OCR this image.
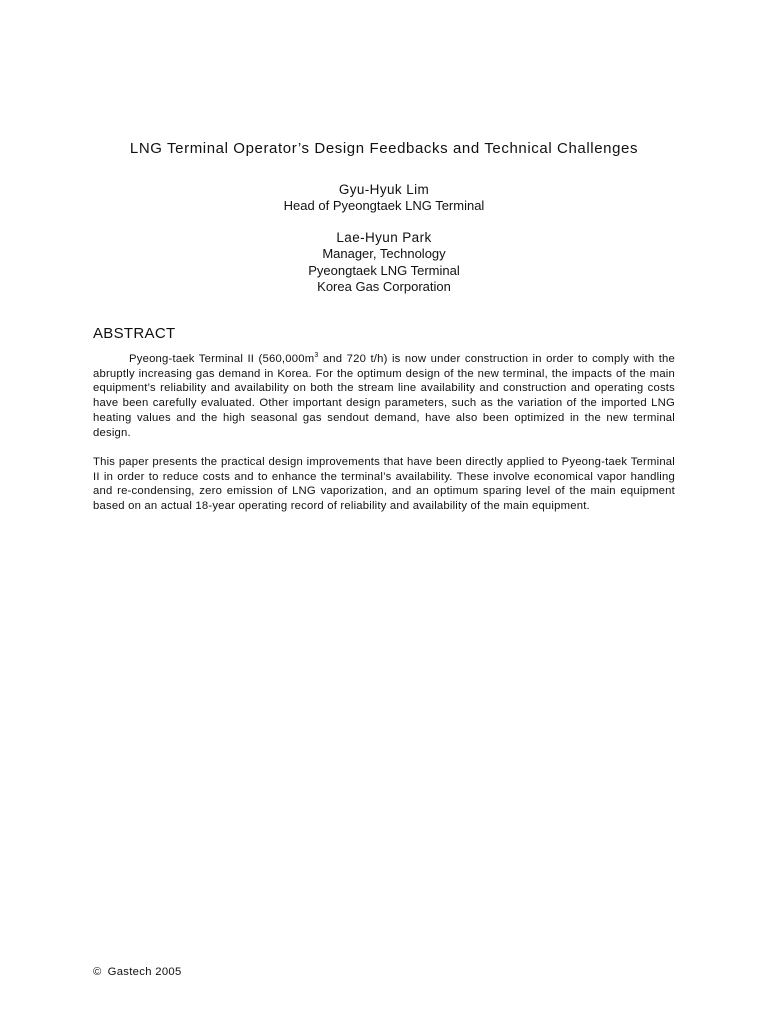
LNG Terminal Operator’s Design Feedbacks and Technical Challenges
Gyu-Hyuk Lim
Head of Pyeongtaek LNG Terminal
Lae-Hyun Park
Manager, Technology
Pyeongtaek LNG Terminal
Korea Gas Corporation
ABSTRACT
Pyeong-taek Terminal II ($560,000m^3$ and 720 t/h) is now under construction in order to comply with the abruptly increasing gas demand in Korea. For the optimum design of the new terminal, the impacts of the main equipment’s reliability and availability on both the stream line availability and construction and operating costs have been carefully evaluated. Other important design parameters, such as the variation of the imported LNG heating values and the high seasonal gas sendout demand, have also been optimized in the new terminal design.
This paper presents the practical design improvements that have been directly applied to Pyeong-taek Terminal II in order to reduce costs and to enhance the terminal’s availability. These involve economical vapor handling and re-condensing, zero emission of LNG vaporization, and an optimum sparing level of the main equipment based on an actual 18-year operating record of reliability and availability of the main equipment.
© Gastech 2005
